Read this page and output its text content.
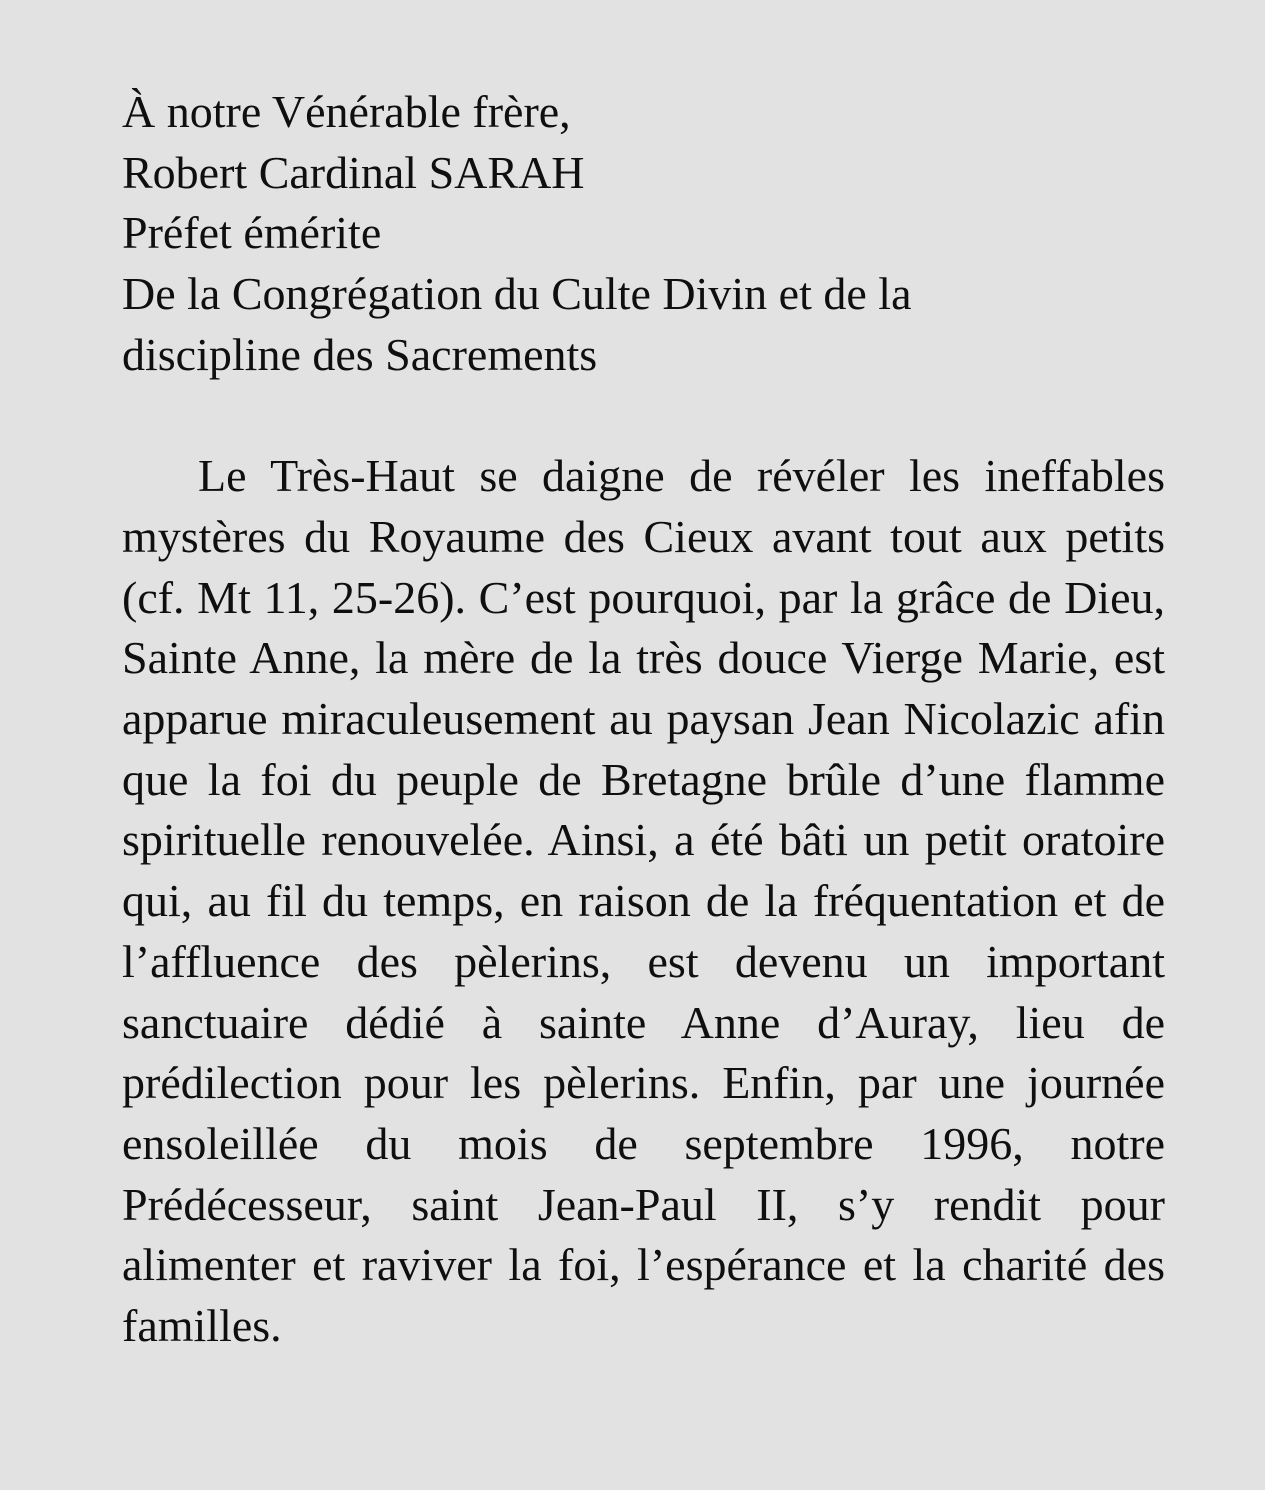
À notre Vénérable frère,
Robert Cardinal SARAH
Préfet émérite
De la Congrégation du Culte Divin et de la
discipline des Sacrements

Le Très-Haut se daigne de révéler les ineffables mystères du Royaume des Cieux avant tout aux petits (cf. Mt 11, 25-26). C’est pourquoi, par la grâce de Dieu, Sainte Anne, la mère de la très douce Vierge Marie, est apparue miraculeusement au paysan Jean Nicolazic afin que la foi du peuple de Bretagne brûle d’une flamme spirituelle renouvelée. Ainsi, a été bâti un petit oratoire qui, au fil du temps, en raison de la fréquentation et de l’affluence des pèlerins, est devenu un important sanctuaire dédié à sainte Anne d’Auray, lieu de prédilection pour les pèlerins. Enfin, par une journée ensoleillée du mois de septembre 1996, notre Prédécesseur, saint Jean-Paul II, s’y rendit pour alimenter et raviver la foi, l’espérance et la charité des familles.
